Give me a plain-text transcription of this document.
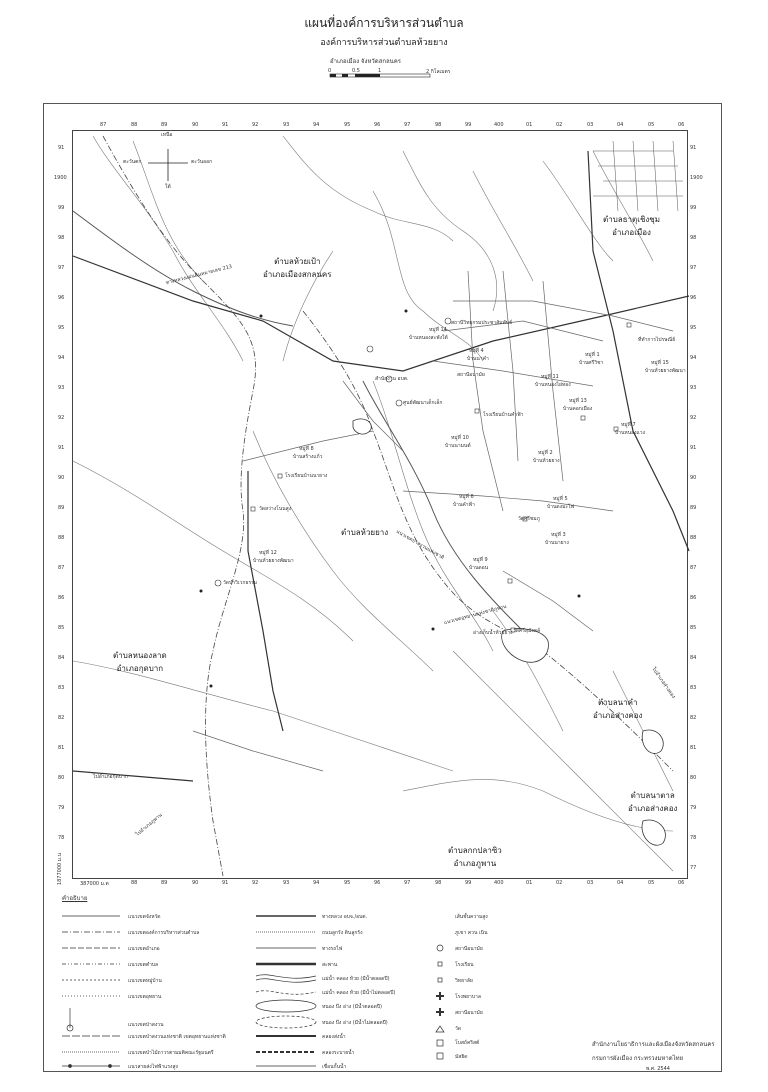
แผนที่องค์การบริหารส่วนตำบล
องค์การบริหารส่วนตำบลห้วยยาง
อำเภอเมือง จังหวัดสกลนคร
0	0.5	1	2 กิโลเมตร
เหนือ
ใต้
ตะวันตก	ตะวันออก
ตำบลธาตุเชิงชุม
อำเภอเมือง
ตำบลห้วยเป้า
อำเภอเมืองสกลนคร
ตำบลห้วยยาง
ตำบลหนองลาด
อำเภอกุดบาก
ตำบลนาคำ
อำเภอส่างคอง
ตำบลนาตาล
อำเภอส่างคอง
ตำบลกกปลาซิว
อำเภอภูพาน
หมู่ที่ 14
บ้านหนองสะพังใต้
หมู่ที่ 4
บ้านนาคำ
หมู่ที่ 1
บ้านศรีวิชา
หมู่ที่ 11
บ้านหนองไผ่ทอง
หมู่ที่ 13
บ้านคอกเมือง
หมู่ที่ 7
บ้านหนองแวง
หมู่ที่ 10
บ้านนามนต์
หมู่ที่ 2
บ้านห้วยยาง
หมู่ที่ 8
บ้านสร้างแก้ว
หมู่ที่ 6
บ้านคำฟ้า
หมู่ที่ 5
บ้านดงมะไฟ
หมู่ที่ 3
บ้านนายาง
หมู่ที่ 9
บ้านดอน
หมู่ที่ 12
บ้านห้วยยางพัฒนา
หมู่ที่ 15
บ้านห้วยยางพัฒนา
สถานีวิทยุกรมประชาสัมพันธ์
โรงเรียนบ้านคำฟ้า
วัดศรีชมภู
สำนักงาน อบต.
ศูนย์พัฒนาเด็กเล็ก
วัดป่าวิเวกธรรม
โรงเรียนบ้านนายาง
วัดสว่างโนนสูง
สถานีอนามัย
ที่ทำการไปรษณีย์
วัดศรีสุมังคล์
อ่างเก็บน้ำห้วยยาง
ทางหลวงแผ่นดินหมายเลข 213
แนวเขตป่าสงวนแห่งชาติ
แนวเขตอุทยานแห่งชาติภูพาน
ไปอำเภอกุดบาก
ไปอำเภอภูพาน
ไปอำเภอส่างคอง
87	88	89	90	91	92	93	94	95	96	97	98	99	400	01	02	03	04	05	06
387000 ม.ต	88	89	90	91	92	93	94	95	96	97	98	99	400	01	02	03	04	05	06
91
1900
99
98
97
96
95
94
93
92
91
90
89
88
87
86
85
84
83
82
81
80
79
78
1877000 ม.น
91
1900
99
98
97
96
95
94
93
92
91
90
89
88
87
86
85
84
83
82
81
80
79
78
77
คำอธิบาย
แนวเขตจังหวัด
แนวเขตองค์การบริหารส่วนตำบล
แนวเขตอำเภอ
แนวเขตตำบล
แนวเขตหมู่บ้าน
แนวเขตอุทยาน
แนวเขตป่าสงวน
แนวเขตป่าสงวนแห่งชาติ เขตอุทยานแห่งชาติ
แนวเขตป่าไม้ถาวรตามมติคณะรัฐมนตรี
แนวสายส่งไฟฟ้าแรงสูง
ทางหลวง อบจ./อบต.
ถนนลูกรัง ดินลูกรัง
ทางรถไฟ
สะพาน
แม่น้ำ คลอง ห้วย (มีน้ำตลอดปี)
แม่น้ำ คลอง ห้วย (มีน้ำไม่ตลอดปี)
หนอง บึง อ่าง (มีน้ำตลอดปี)
หนอง บึง อ่าง (มีน้ำไม่ตลอดปี)
คลองส่งน้ำ
คลองระบายน้ำ
เขื่อนกั้นน้ำ
เส้นชั้นความสูง
ภูเขา ควน เนิน
สถานีอนามัย
โรงเรียน
วิทยาลัย
โรงพยาบาล
สถานีอนามัย
วัด
โบสถ์คริสต์
มัสยิด
สำนักงานโยธาธิการและผังเมืองจังหวัดสกลนคร
กรมการผังเมือง กระทรวงมหาดไทย
พ.ศ. 2544
